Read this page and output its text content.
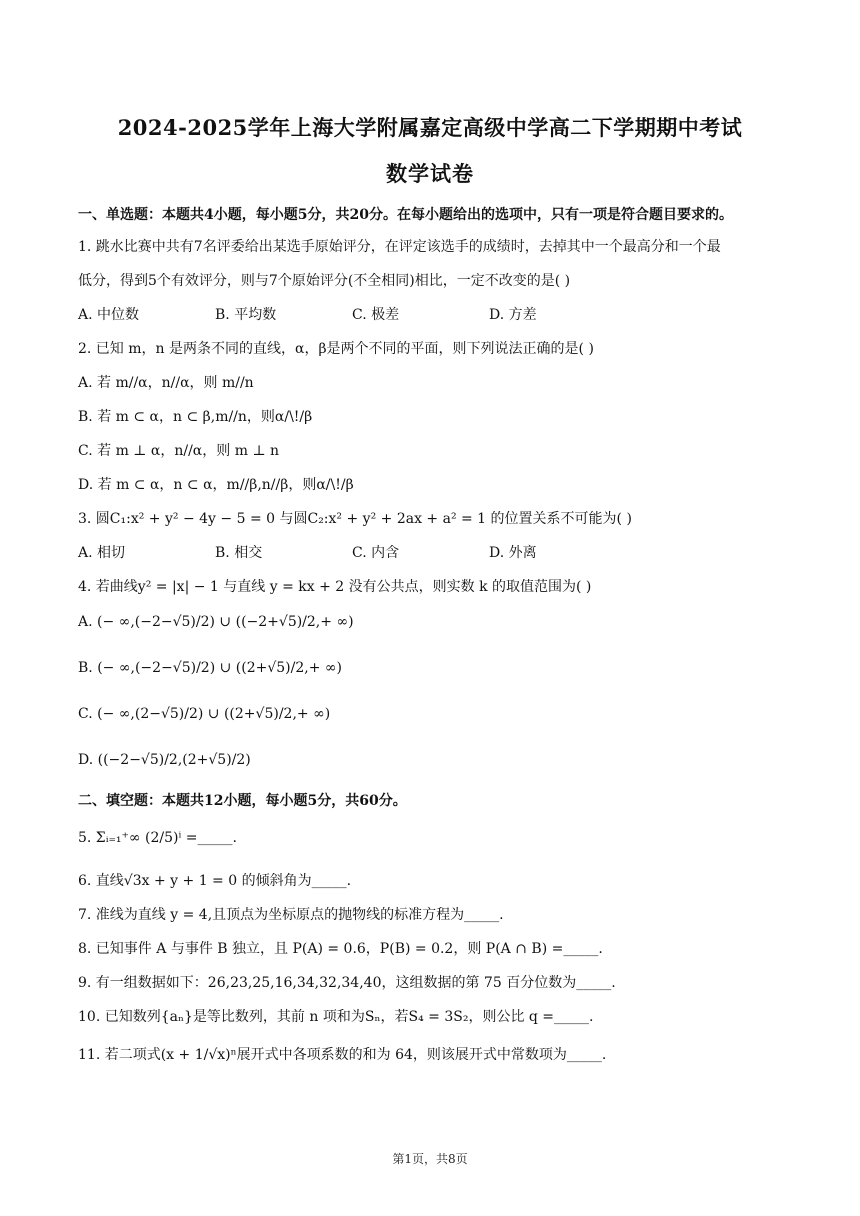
2024-2025学年上海大学附属嘉定高级中学高二下学期期中考试
数学试卷
一、单选题：本题共4小题，每小题5分，共20分。在每小题给出的选项中，只有一项是符合题目要求的。
1. 跳水比赛中共有7名评委给出某选手原始评分，在评定该选手的成绩时，去掉其中一个最高分和一个最
低分，得到5个有效评分，则与7个原始评分(不全相同)相比，一定不改变的是( )
A. 中位数	B. 平均数	C. 极差	D. 方差
2. 已知 m，n 是两条不同的直线，α，β是两个不同的平面，则下列说法正确的是( )
A. 若 m//α，n//α，则 m//n
B. 若 m ⊂ α，n ⊂ β,m//n，则α/\!/β
C. 若 m ⊥ α，n//α，则 m ⊥ n
D. 若 m ⊂ α，n ⊂ α，m//β,n//β，则α/\!/β
3. 圆C₁:x² + y² − 4y − 5 = 0 与圆C₂:x² + y² + 2ax + a² = 1 的位置关系不可能为( )
A. 相切	B. 相交	C. 内含	D. 外离
4. 若曲线y² = |x| − 1 与直线 y = kx + 2 没有公共点，则实数 k 的取值范围为( )
A. (− ∞,(−2−√5)/2) ∪ ((−2+√5)/2,+ ∞)
B. (− ∞,(−2−√5)/2) ∪ ((2+√5)/2,+ ∞)
C. (− ∞,(2−√5)/2) ∪ ((2+√5)/2,+ ∞)
D. ((−2−√5)/2,(2+√5)/2)
二、填空题：本题共12小题，每小题5分，共60分。
5. Σᵢ₌₁⁺∞ (2/5)ⁱ =_____.
6. 直线√3x + y + 1 = 0 的倾斜角为_____.
7. 准线为直线 y = 4,且顶点为坐标原点的抛物线的标准方程为_____.
8. 已知事件 A 与事件 B 独立，且 P(A) = 0.6，P(B) = 0.2，则 P(A ∩ B) =_____.
9. 有一组数据如下：26,23,25,16,34,32,34,40，这组数据的第 75 百分位数为_____.
10. 已知数列{aₙ}是等比数列，其前 n 项和为Sₙ，若S₄ = 3S₂，则公比 q =_____.
11. 若二项式(x + 1/√x)ⁿ展开式中各项系数的和为 64，则该展开式中常数项为_____.
第1页，共8页
